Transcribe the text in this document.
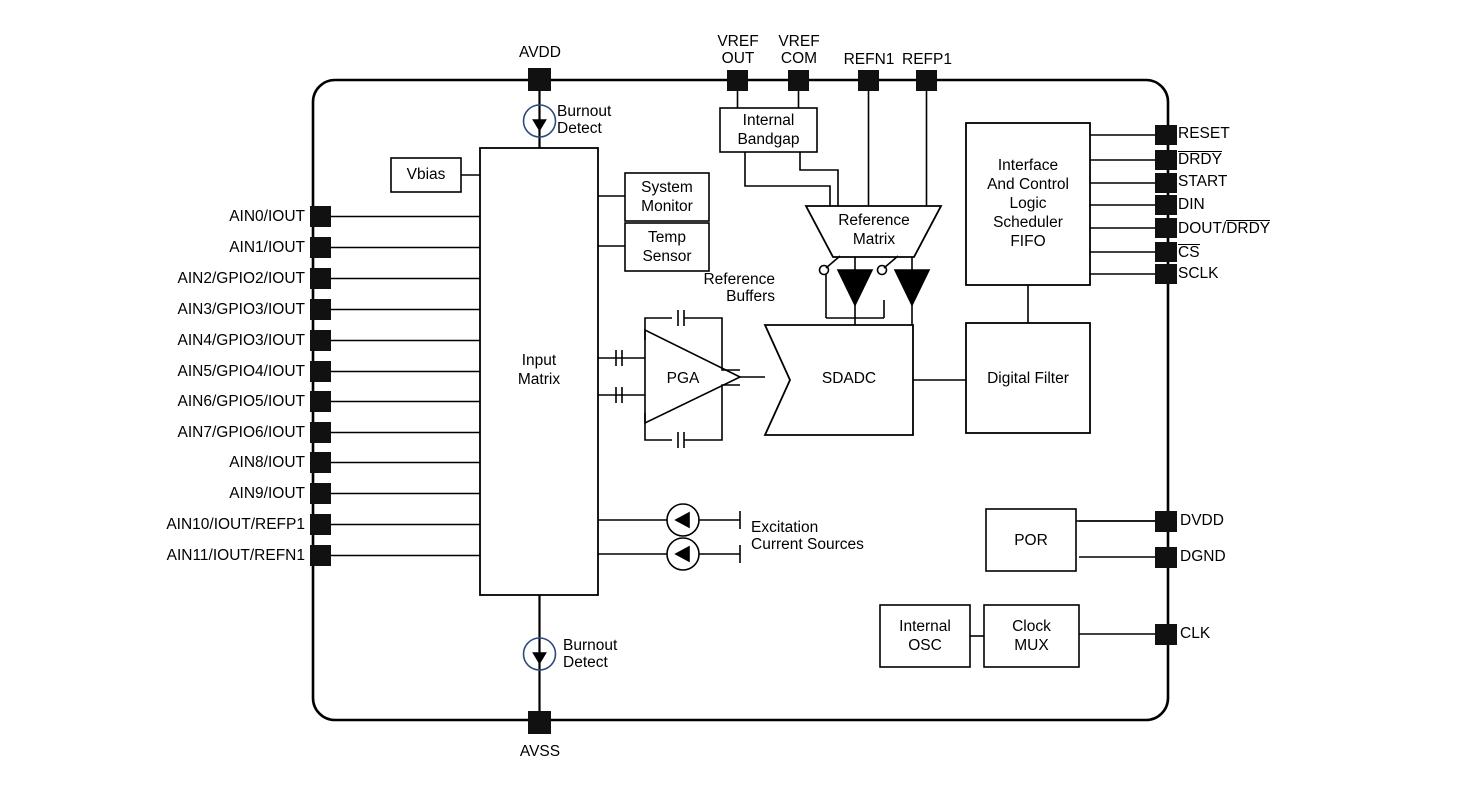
AVDD
VREF
OUT
VREF
COM	REFN1 REFP1
AVSS
AIN0/IOUT
AIN1/IOUT
AIN2/GPIO2/IOUT
AIN3/GPIO3/IOUT
AIN4/GPIO3/IOUT
AIN5/GPIO4/IOUT
AIN6/GPIO5/IOUT
AIN7/GPIO6/IOUT
AIN8/IOUT
AIN9/IOUT
AIN10/IOUT/REFP1
AIN11/IOUT/REFN1
RESET
DRDY
START
DIN
DOUT/DRDY
CS
SCLK
DVDD
DGND
CLK
Vbias
Input
Matrix
System
Monitor
Temp
Sensor
Internal
Bandgap
Reference
Matrix
PGA	SDADC	Digital Filter
Interface
And Control
Logic
Scheduler
FIFO
POR
Internal
OSC
Clock
MUX
Burnout
Detect
Burnout
Detect
Reference
Buffers
Excitation
Current Sources
